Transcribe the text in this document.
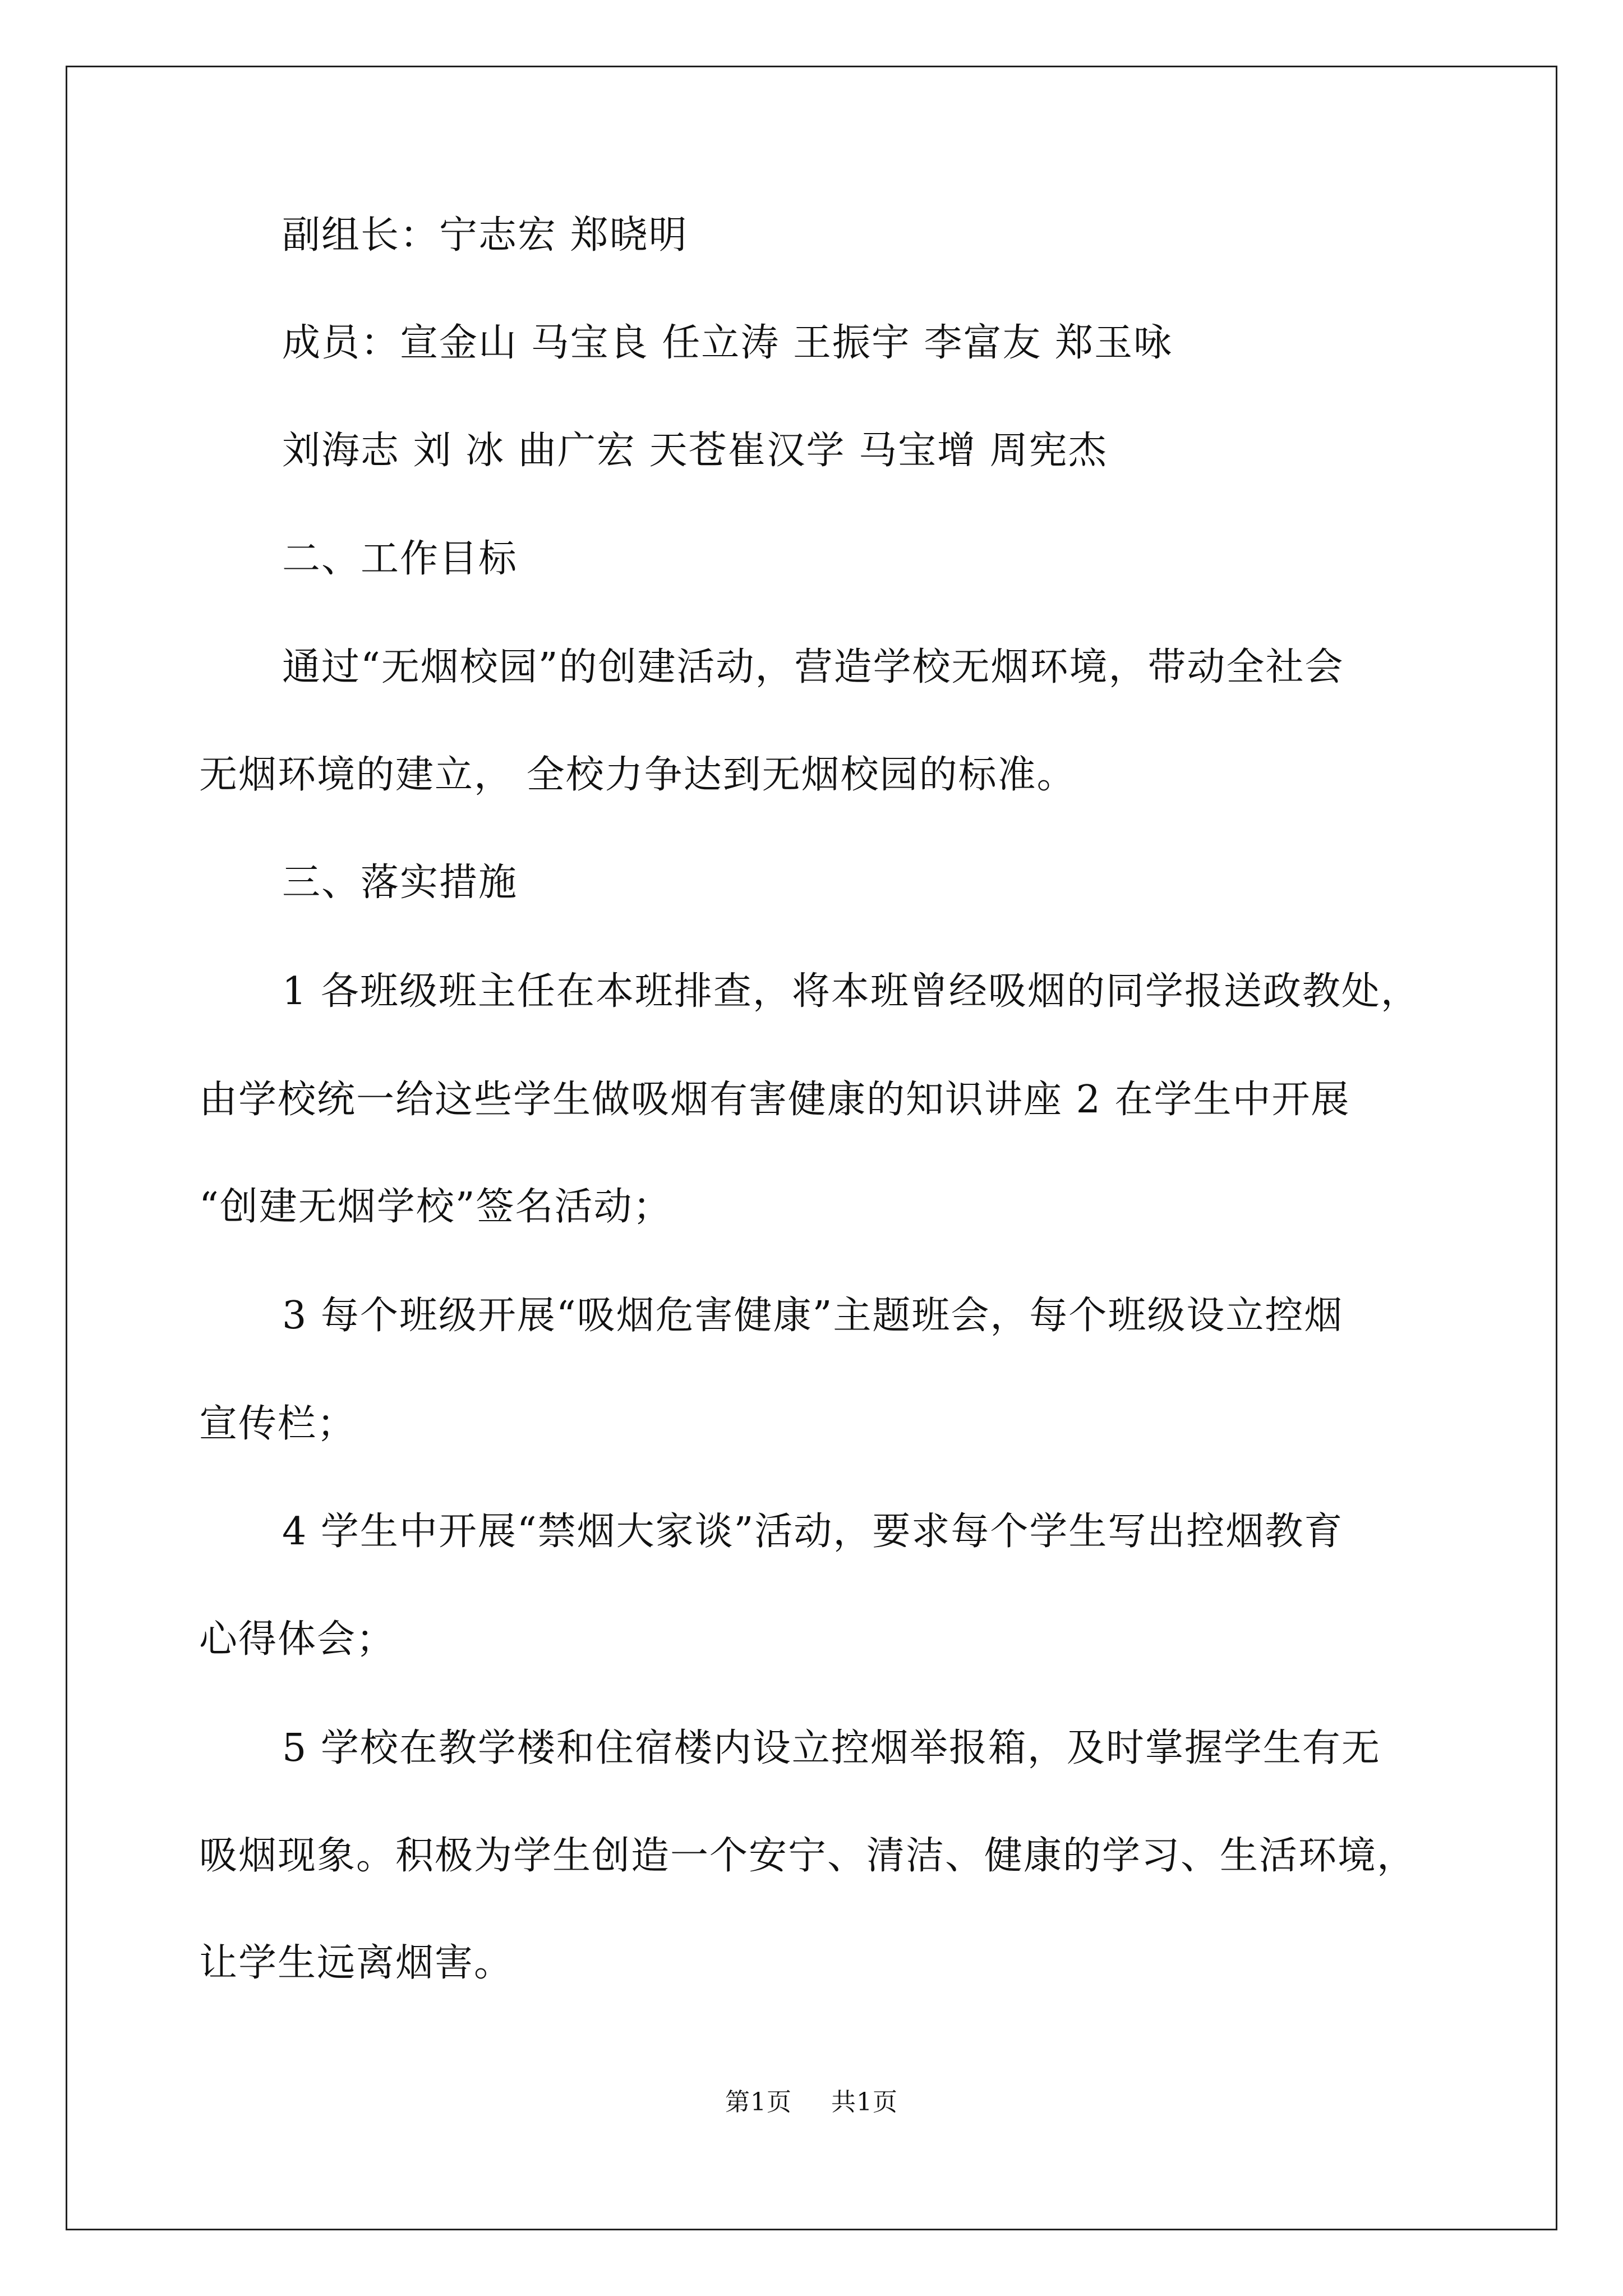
副组长：宁志宏 郑晓明

成员：宣金山 马宝良 任立涛 王振宇 李富友 郑玉咏

刘海志 刘 冰 曲广宏 天苍崔汉学 马宝增 周宪杰

二、工作目标

通过“无烟校园”的创建活动，营造学校无烟环境，带动全社会

无烟环境的建立， 全校力争达到无烟校园的标准。

三、落实措施

1 各班级班主任在本班排查，将本班曾经吸烟的同学报送政教处，

由学校统一给这些学生做吸烟有害健康的知识讲座 2 在学生中开展

“创建无烟学校”签名活动；

3 每个班级开展“吸烟危害健康”主题班会，每个班级设立控烟

宣传栏；

4 学生中开展“禁烟大家谈”活动，要求每个学生写出控烟教育

心得体会；

5 学校在教学楼和住宿楼内设立控烟举报箱，及时掌握学生有无

吸烟现象。积极为学生创造一个安宁、清洁、健康的学习、生活环境，

让学生远离烟害。

第1页 共1页
